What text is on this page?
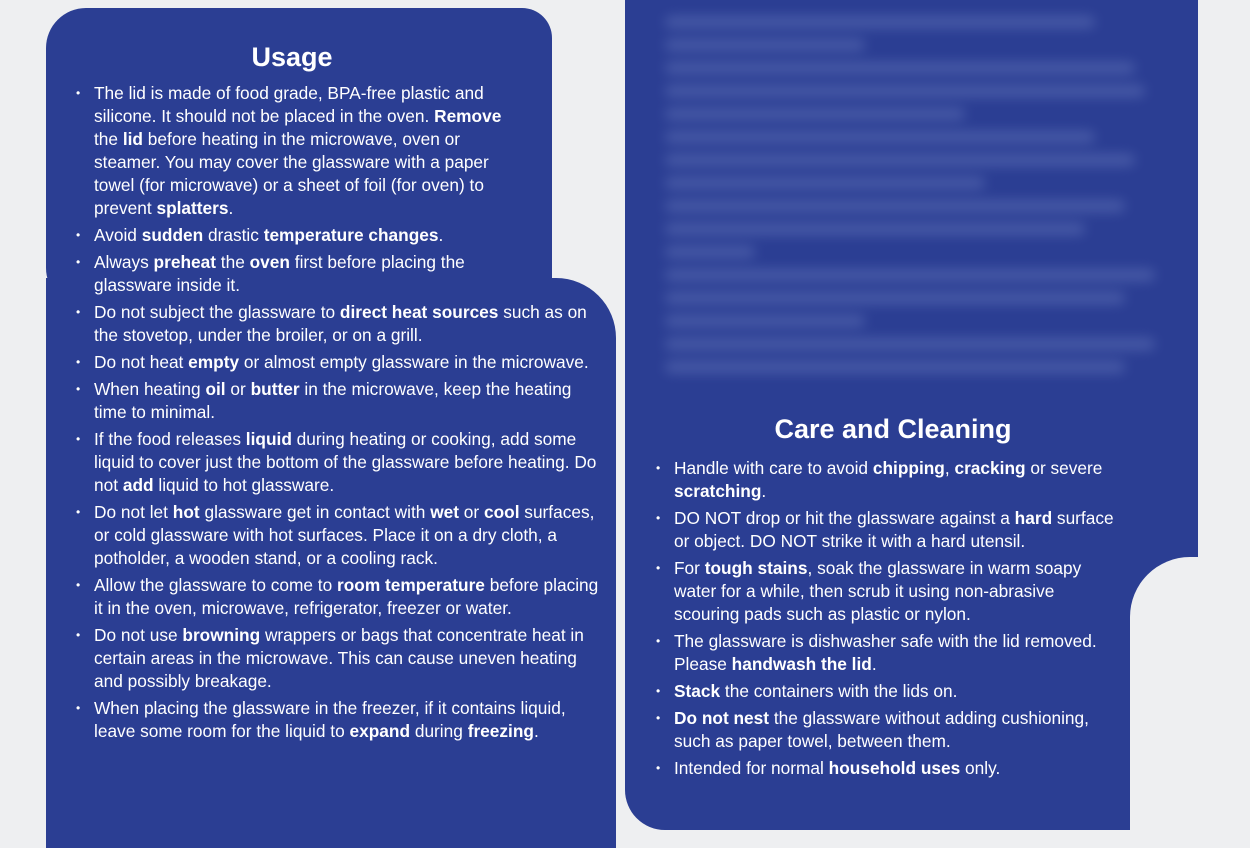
Usage
• The lid is made of food grade, BPA-free plastic and silicone. It should not be placed in the oven. Remove the lid before heating in the microwave, oven or steamer. You may cover the glassware with a paper towel (for microwave) or a sheet of foil (for oven) to prevent splatters.
• Avoid sudden drastic temperature changes.
• Always preheat the oven first before placing the glassware inside it.
• Do not subject the glassware to direct heat sources such as on the stovetop, under the broiler, or on a grill.
• Do not heat empty or almost empty glassware in the microwave.
• When heating oil or butter in the microwave, keep the heating time to minimal.
• If the food releases liquid during heating or cooking, add some liquid to cover just the bottom of the glassware before heating. Do not add liquid to hot glassware.
• Do not let hot glassware get in contact with wet or cool surfaces, or cold glassware with hot surfaces. Place it on a dry cloth, a potholder, a wooden stand, or a cooling rack.
• Allow the glassware to come to room temperature before placing it in the oven, microwave, refrigerator, freezer or water.
• Do not use browning wrappers or bags that concentrate heat in certain areas in the microwave. This can cause uneven heating and possibly breakage.
• When placing the glassware in the freezer, if it contains liquid, leave some room for the liquid to expand during freezing.
Care and Cleaning
• Handle with care to avoid chipping, cracking or severe scratching.
• DO NOT drop or hit the glassware against a hard surface or object. DO NOT strike it with a hard utensil.
• For tough stains, soak the glassware in warm soapy water for a while, then scrub it using non-abrasive scouring pads such as plastic or nylon.
• The glassware is dishwasher safe with the lid removed. Please handwash the lid.
• Stack the containers with the lids on.
• Do not nest the glassware without adding cushioning, such as paper towel, between them.
• Intended for normal household uses only.
